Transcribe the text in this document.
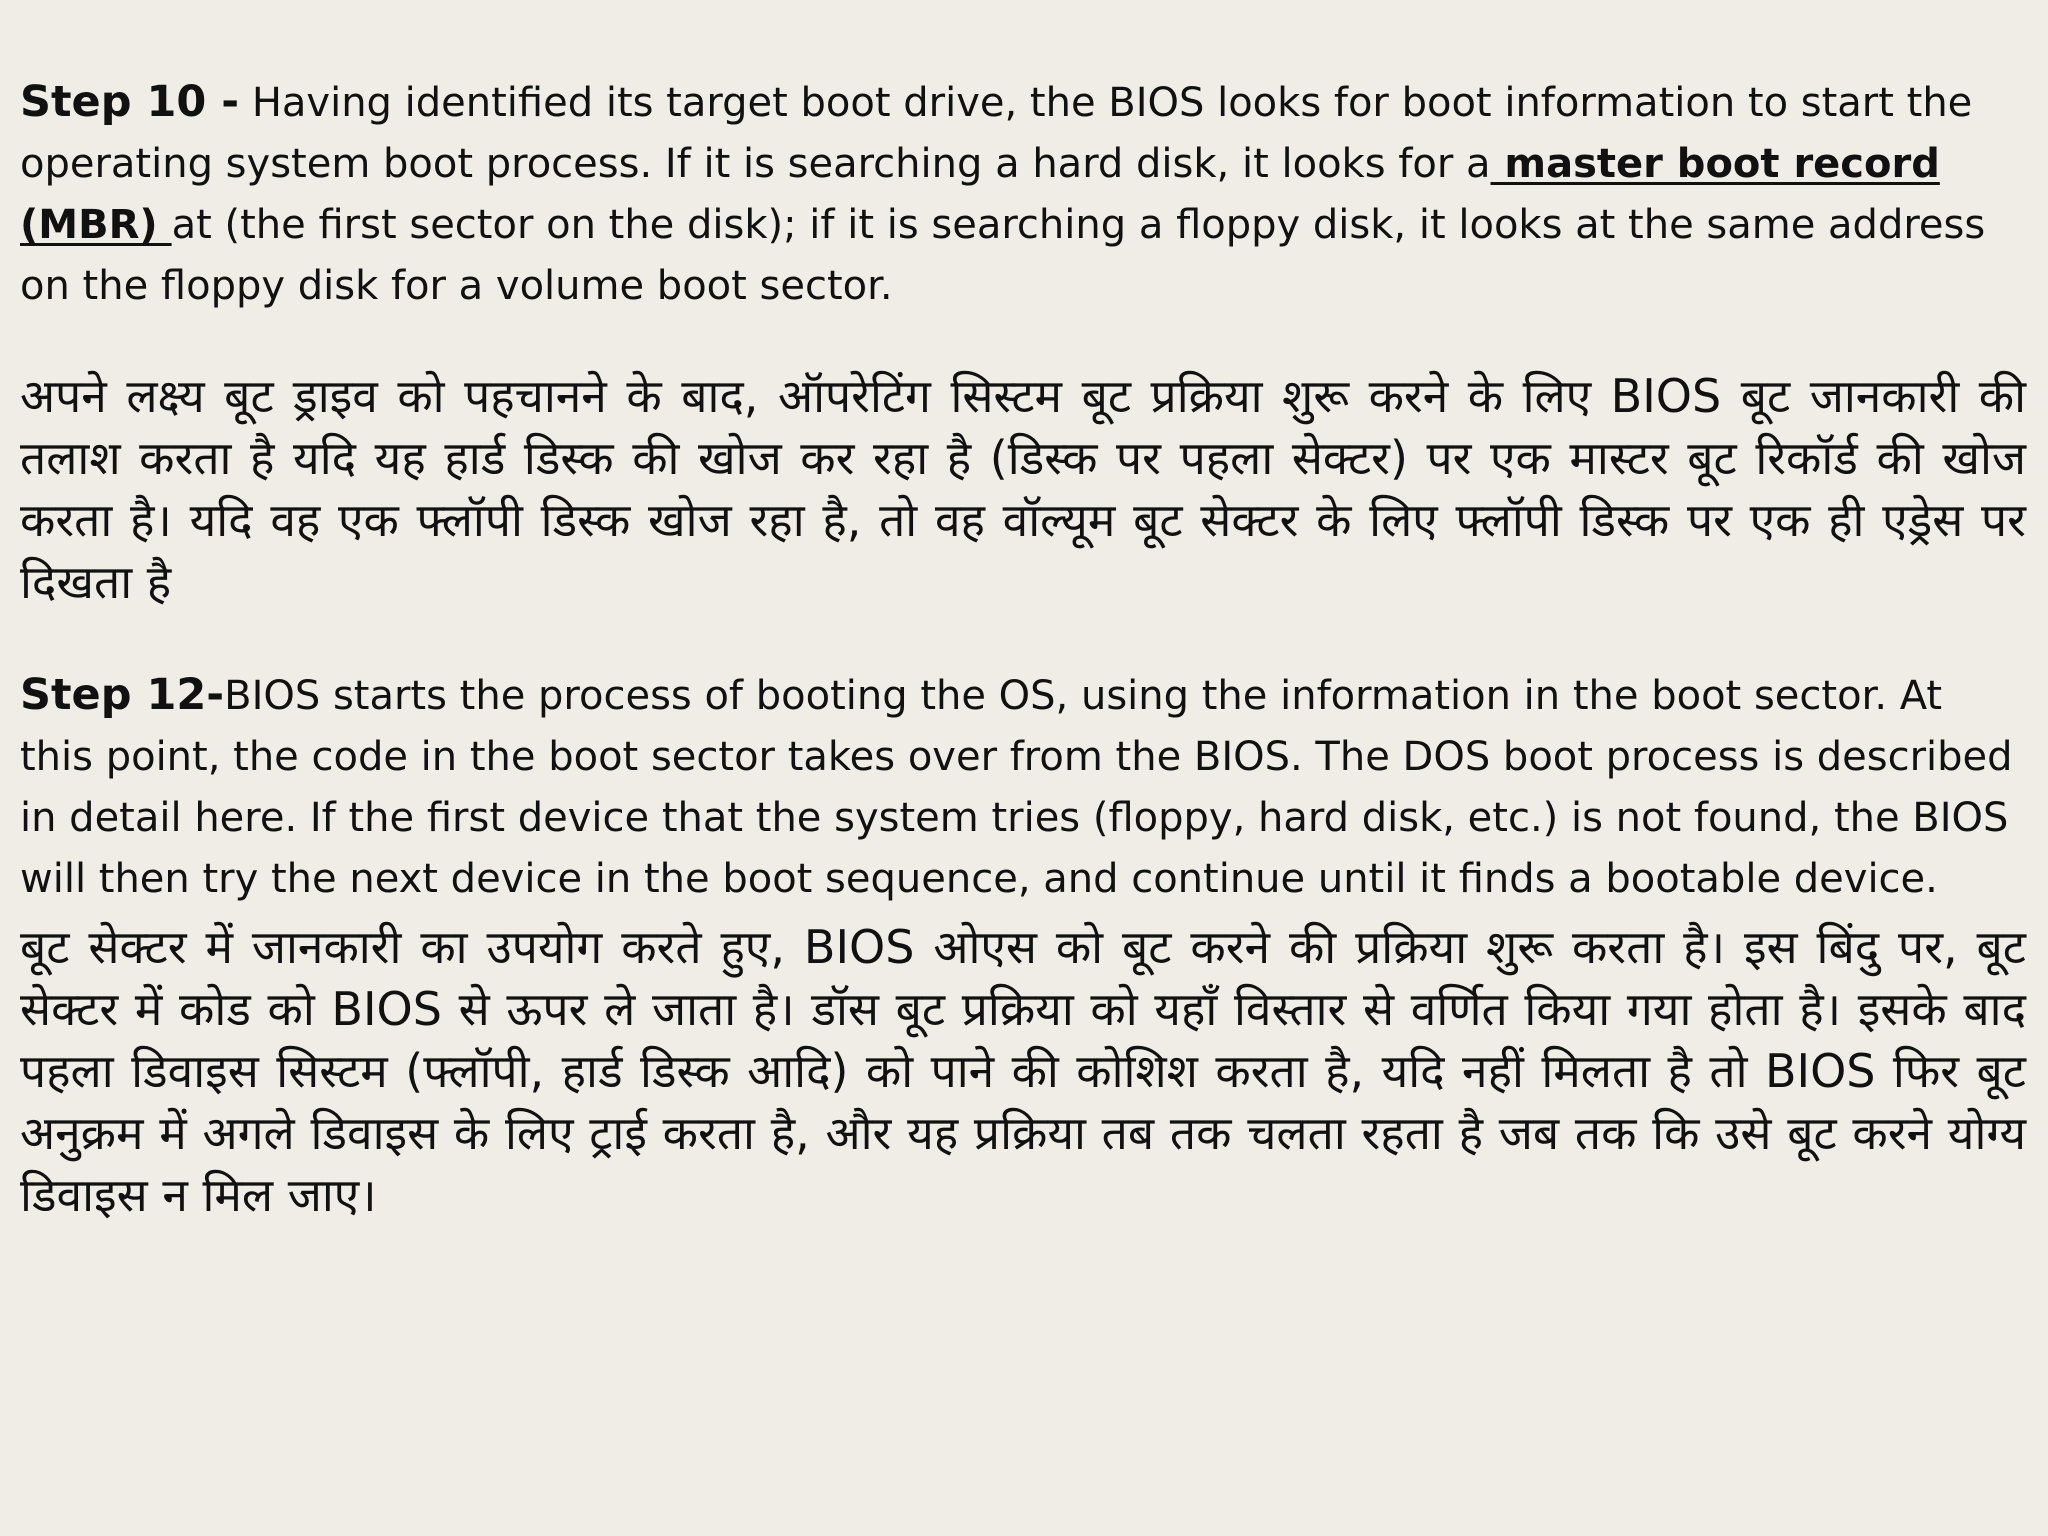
Step 10 - Having identified its target boot drive, the BIOS looks for boot information to start the operating system boot process. If it is searching a hard disk, it looks for a master boot record (MBR) at (the first sector on the disk); if it is searching a floppy disk, it looks at the same address on the floppy disk for a volume boot sector.

अपने लक्ष्य बूट ड्राइव को पहचानने के बाद, ऑपरेटिंग सिस्टम बूट प्रक्रिया शुरू करने के लिए BIOS बूट जानकारी की तलाश करता है यदि यह हार्ड डिस्क की खोज कर रहा है (डिस्क पर पहला सेक्टर) पर एक मास्टर बूट रिकॉर्ड की खोज करता है। यदि वह एक फ्लॉपी डिस्क खोज रहा है, तो वह वॉल्यूम बूट सेक्टर के लिए फ्लॉपी डिस्क पर एक ही एड्रेस पर दिखता है

Step 12-BIOS starts the process of booting the OS, using the information in the boot sector. At this point, the code in the boot sector takes over from the BIOS. The DOS boot process is described in detail here. If the first device that the system tries (floppy, hard disk, etc.) is not found, the BIOS will then try the next device in the boot sequence, and continue until it finds a bootable device.

बूट सेक्टर में जानकारी का उपयोग करते हुए, BIOS ओएस को बूट करने की प्रक्रिया शुरू करता है। इस बिंदु पर, बूट सेक्टर में कोड को BIOS से ऊपर ले जाता है। डॉस बूट प्रक्रिया को यहाँ विस्तार से वर्णित किया गया होता है। इसके बाद पहला डिवाइस सिस्टम (फ्लॉपी, हार्ड डिस्क आदि) को पाने की कोशिश करता है, यदि नहीं मिलता है तो BIOS फिर बूट अनुक्रम में अगले डिवाइस के लिए ट्राई करता है, और यह प्रक्रिया तब तक चलता रहता है जब तक कि उसे बूट करने योग्य डिवाइस न मिल जाए।
